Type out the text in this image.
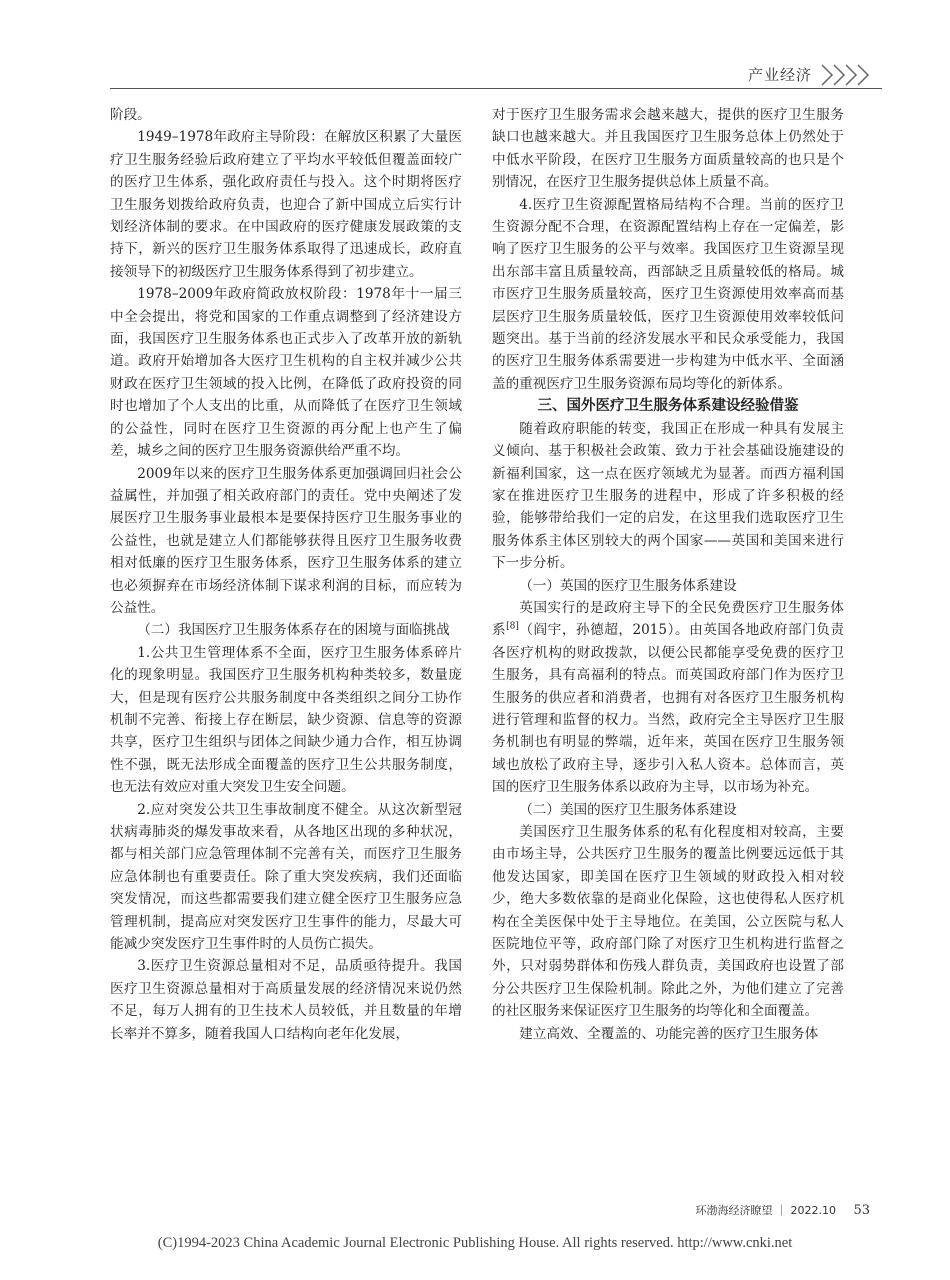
产业经济

阶段。

1949–1978年政府主导阶段：在解放区积累了大量医疗卫生服务经验后政府建立了平均水平较低但覆盖面较广的医疗卫生体系，强化政府责任与投入。这个时期将医疗卫生服务划拨给政府负责，也迎合了新中国成立后实行计划经济体制的要求。在中国政府的医疗健康发展政策的支持下，新兴的医疗卫生服务体系取得了迅速成长，政府直接领导下的初级医疗卫生服务体系得到了初步建立。

1978–2009年政府简政放权阶段：1978年十一届三中全会提出，将党和国家的工作重点调整到了经济建设方面，我国医疗卫生服务体系也正式步入了改革开放的新轨道。政府开始增加各大医疗卫生机构的自主权并减少公共财政在医疗卫生领域的投入比例，在降低了政府投资的同时也增加了个人支出的比重，从而降低了在医疗卫生领域的公益性，同时在医疗卫生资源的再分配上也产生了偏差，城乡之间的医疗卫生服务资源供给严重不均。

2009年以来的医疗卫生服务体系更加强调回归社会公益属性，并加强了相关政府部门的责任。党中央阐述了发展医疗卫生服务事业最根本是要保持医疗卫生服务事业的公益性，也就是建立人们都能够获得且医疗卫生服务收费相对低廉的医疗卫生服务体系，医疗卫生服务体系的建立也必须摒弃在市场经济体制下谋求利润的目标，而应转为公益性。

（二）我国医疗卫生服务体系存在的困境与面临挑战

1.公共卫生管理体系不全面，医疗卫生服务体系碎片化的现象明显。我国医疗卫生服务机构种类较多，数量庞大，但是现有医疗公共服务制度中各类组织之间分工协作机制不完善、衔接上存在断层，缺少资源、信息等的资源共享，医疗卫生组织与团体之间缺少通力合作，相互协调性不强，既无法形成全面覆盖的医疗卫生公共服务制度，也无法有效应对重大突发卫生安全问题。

2.应对突发公共卫生事故制度不健全。从这次新型冠状病毒肺炎的爆发事故来看，从各地区出现的多种状况，都与相关部门应急管理体制不完善有关，而医疗卫生服务应急体制也有重要责任。除了重大突发疾病，我们还面临突发情况，而这些都需要我们建立健全医疗卫生服务应急管理机制，提高应对突发医疗卫生事件的能力，尽最大可能减少突发医疗卫生事件时的人员伤亡损失。

3.医疗卫生资源总量相对不足，品质亟待提升。我国医疗卫生资源总量相对于高质量发展的经济情况来说仍然不足，每万人拥有的卫生技术人员较低，并且数量的年增长率并不算多，随着我国人口结构向老年化发展，

对于医疗卫生服务需求会越来越大，提供的医疗卫生服务缺口也越来越大。并且我国医疗卫生服务总体上仍然处于中低水平阶段，在医疗卫生服务方面质量较高的也只是个别情况，在医疗卫生服务提供总体上质量不高。

4.医疗卫生资源配置格局结构不合理。当前的医疗卫生资源分配不合理，在资源配置结构上存在一定偏差，影响了医疗卫生服务的公平与效率。我国医疗卫生资源呈现出东部丰富且质量较高，西部缺乏且质量较低的格局。城市医疗卫生服务质量较高，医疗卫生资源使用效率高而基层医疗卫生服务质量较低，医疗卫生资源使用效率较低问题突出。基于当前的经济发展水平和民众承受能力，我国的医疗卫生服务体系需要进一步构建为中低水平、全面涵盖的重视医疗卫生服务资源布局均等化的新体系。

三、国外医疗卫生服务体系建设经验借鉴

随着政府职能的转变，我国正在形成一种具有发展主义倾向、基于积极社会政策、致力于社会基础设施建设的新福利国家，这一点在医疗领域尤为显著。而西方福利国家在推进医疗卫生服务的进程中，形成了许多积极的经验，能够带给我们一定的启发，在这里我们选取医疗卫生服务体系主体区别较大的两个国家——英国和美国来进行下一步分析。

（一）英国的医疗卫生服务体系建设

英国实行的是政府主导下的全民免费医疗卫生服务体系[8]（阎宇，孙德超，2015）。由英国各地政府部门负责各医疗机构的财政拨款，以便公民都能享受免费的医疗卫生服务，具有高福利的特点。而英国政府部门作为医疗卫生服务的供应者和消费者，也拥有对各医疗卫生服务机构进行管理和监督的权力。当然，政府完全主导医疗卫生服务机制也有明显的弊端，近年来，英国在医疗卫生服务领域也放松了政府主导，逐步引入私人资本。总体而言，英国的医疗卫生服务体系以政府为主导，以市场为补充。

（二）美国的医疗卫生服务体系建设

美国医疗卫生服务体系的私有化程度相对较高，主要由市场主导，公共医疗卫生服务的覆盖比例要远远低于其他发达国家，即美国在医疗卫生领域的财政投入相对较少，绝大多数依靠的是商业化保险，这也使得私人医疗机构在全美医保中处于主导地位。在美国，公立医院与私人医院地位平等，政府部门除了对医疗卫生机构进行监督之外，只对弱势群体和伤残人群负责，美国政府也设置了部分公共医疗卫生保险机制。除此之外，为他们建立了完善的社区服务来保证医疗卫生服务的均等化和全面覆盖。

建立高效、全覆盖的、功能完善的医疗卫生服务体

环渤海经济瞭望 ｜ 2022.10 53
(C)1994-2023 China Academic Journal Electronic Publishing House. All rights reserved. http://www.cnki.net
